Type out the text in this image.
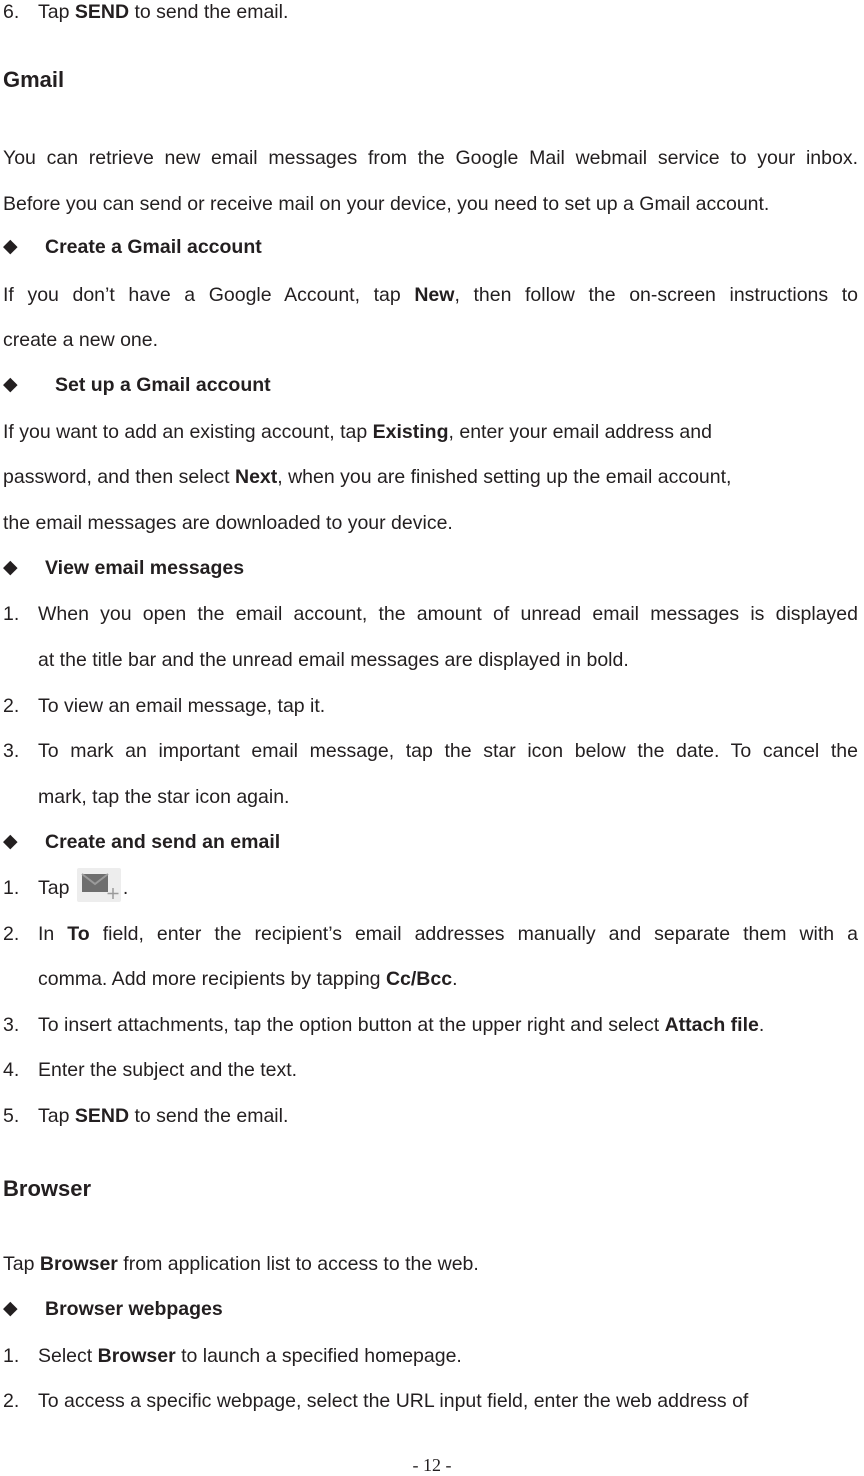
6. Tap SEND to send the email.
Gmail
You can retrieve new email messages from the Google Mail webmail service to your inbox.
Before you can send or receive mail on your device, you need to set up a Gmail account.
◆ Create a Gmail account
If you don’t have a Google Account, tap New, then follow the on-screen instructions to
create a new one.
◆ Set up a Gmail account
If you want to add an existing account, tap Existing, enter your email address and
password, and then select Next, when you are finished setting up the email account,
the email messages are downloaded to your device.
◆ View email messages
1. When you open the email account, the amount of unread email messages is displayed
at the title bar and the unread email messages are displayed in bold.
2. To view an email message, tap it.
3. To mark an important email message, tap the star icon below the date. To cancel the
mark, tap the star icon again.
◆ Create and send an email
1. Tap
.
2. In To field, enter the recipient’s email addresses manually and separate them with a
comma. Add more recipients by tapping Cc/Bcc.
3. To insert attachments, tap the option button at the upper right and select Attach file.
4. Enter the subject and the text.
5. Tap SEND to send the email.
Browser
Tap Browser from application list to access to the web.
◆ Browser webpages
1. Select Browser to launch a specified homepage.
2. To access a specific webpage, select the URL input field, enter the web address of
- 12 -
